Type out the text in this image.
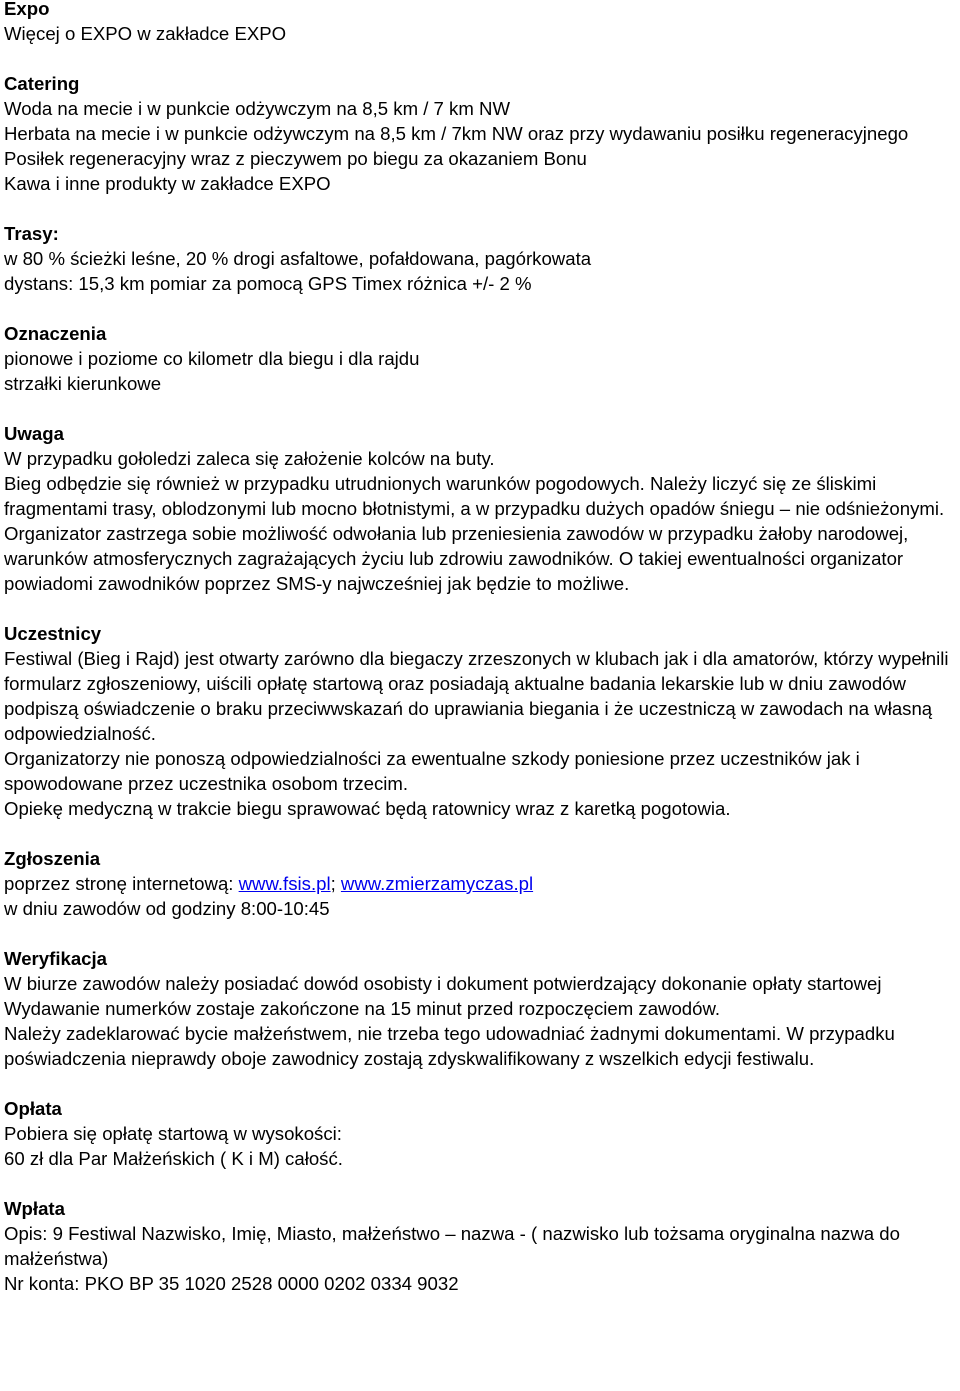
Expo
Więcej o EXPO w zakładce EXPO
Catering
Woda na mecie i w punkcie odżywczym na 8,5 km / 7 km NW
Herbata na mecie i w punkcie odżywczym na 8,5 km / 7km NW oraz przy wydawaniu posiłku regeneracyjnego
Posiłek regeneracyjny wraz z pieczywem po biegu za okazaniem Bonu
Kawa i inne produkty w zakładce EXPO
Trasy:
w 80 % ścieżki leśne, 20 % drogi asfaltowe, pofałdowana, pagórkowata
dystans: 15,3 km pomiar za pomocą GPS Timex różnica +/- 2 %
Oznaczenia
pionowe i poziome co kilometr dla biegu i dla rajdu
strzałki kierunkowe
Uwaga
W przypadku gołoledzi zaleca się założenie kolców na buty.
Bieg odbędzie się również w przypadku utrudnionych warunków pogodowych. Należy liczyć się ze śliskimi fragmentami trasy, oblodzonymi lub mocno błotnistymi, a w przypadku dużych opadów śniegu – nie odśnieżonymi.
Organizator zastrzega sobie możliwość odwołania lub przeniesienia zawodów w przypadku żałoby narodowej, warunków atmosferycznych zagrażających życiu lub zdrowiu zawodników. O takiej ewentualności organizator powiadomi zawodników poprzez SMS-y najwcześniej jak będzie to możliwe.
Uczestnicy
Festiwal (Bieg i Rajd) jest otwarty zarówno dla biegaczy zrzeszonych w klubach jak i dla amatorów, którzy wypełnili formularz zgłoszeniowy, uiścili opłatę startową oraz posiadają aktualne badania lekarskie lub w dniu zawodów podpiszą oświadczenie o braku przeciwwskazań do uprawiania biegania i że uczestniczą w zawodach na własną odpowiedzialność.
Organizatorzy nie ponoszą odpowiedzialności za ewentualne szkody poniesione przez uczestników jak i spowodowane przez uczestnika osobom trzecim.
Opiekę medyczną w trakcie biegu sprawować będą ratownicy wraz z karetką pogotowia.
Zgłoszenia
poprzez stronę internetową: www.fsis.pl; www.zmierzamyczas.pl
w dniu zawodów od godziny 8:00-10:45
Weryfikacja
W biurze zawodów należy posiadać dowód osobisty i dokument potwierdzający dokonanie opłaty startowej Wydawanie numerków zostaje zakończone na 15 minut przed rozpoczęciem zawodów.
Należy zadeklarować bycie małżeństwem, nie trzeba tego udowadniać żadnymi dokumentami. W przypadku poświadczenia nieprawdy oboje zawodnicy zostają zdyskwalifikowany z wszelkich edycji festiwalu.
Opłata
Pobiera się opłatę startową w wysokości:
60 zł dla Par Małżeńskich ( K i M) całość.
Wpłata
Opis: 9 Festiwal Nazwisko, Imię, Miasto, małżeństwo – nazwa - ( nazwisko lub tożsama oryginalna nazwa do małżeństwa)
Nr konta: PKO BP 35 1020 2528 0000 0202 0334 9032
